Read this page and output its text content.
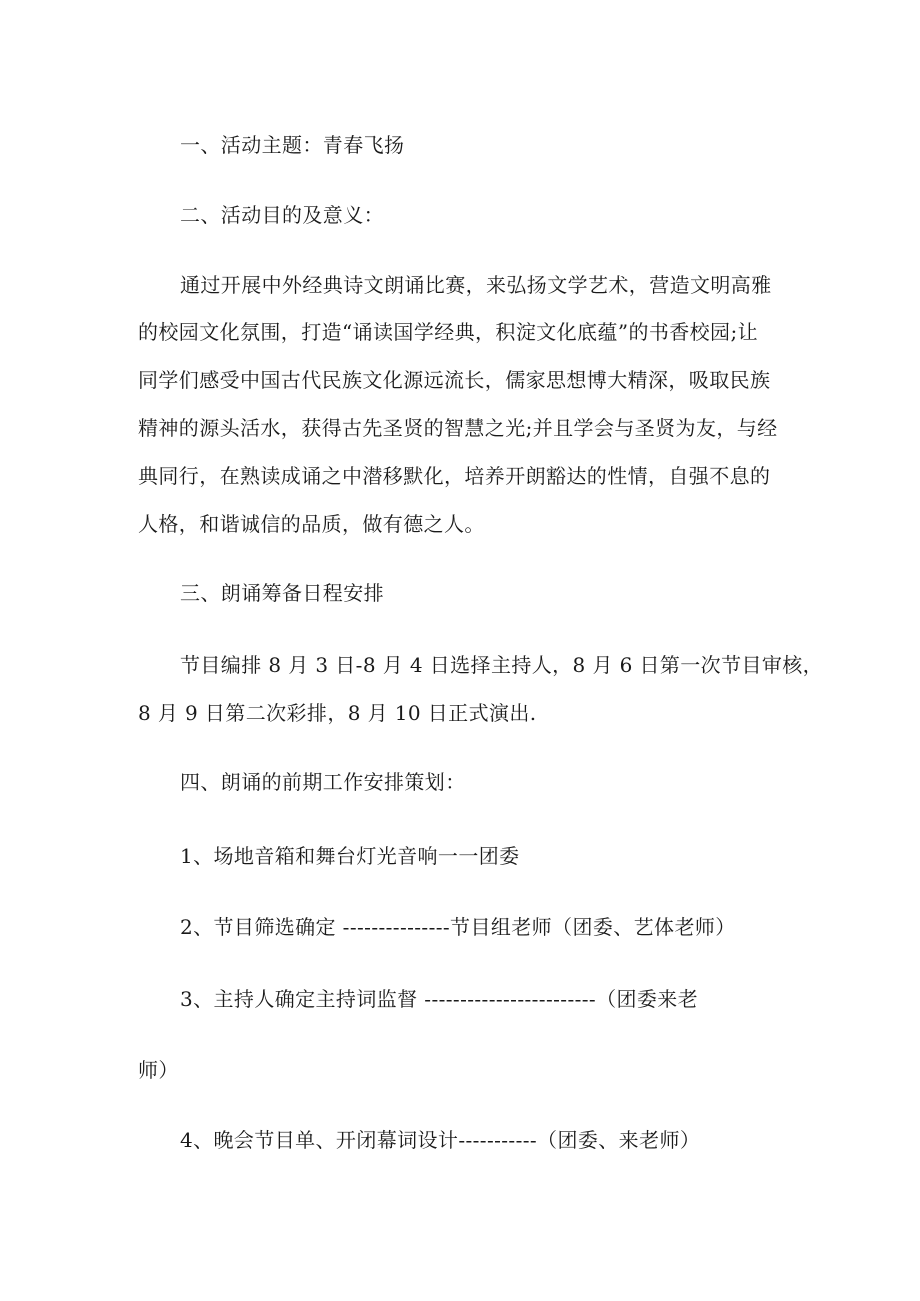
一、活动主题：青春飞扬
二、活动目的及意义：
通过开展中外经典诗文朗诵比赛，来弘扬文学艺术，营造文明高雅
的校园文化氛围，打造“诵读国学经典，积淀文化底蕴”的书香校园;让
同学们感受中国古代民族文化源远流长，儒家思想博大精深，吸取民族
精神的源头活水，获得古先圣贤的智慧之光;并且学会与圣贤为友，与经
典同行，在熟读成诵之中潜移默化，培养开朗豁达的性情，自强不息的
人格，和谐诚信的品质，做有德之人。
三、朗诵筹备日程安排
节目编排 8 月 3 日-8 月 4 日选择主持人，8 月 6 日第一次节目审核，
8 月 9 日第二次彩排，8 月 10 日正式演出.
四、朗诵的前期工作安排策划：
1、场地音箱和舞台灯光音响一一团委
2、节目筛选确定 ---------------节目组老师（团委、艺体老师）
3、主持人确定主持词监督 ------------------------（团委来老
师）
4、晚会节目单、开闭幕词设计-----------（团委、来老师）
